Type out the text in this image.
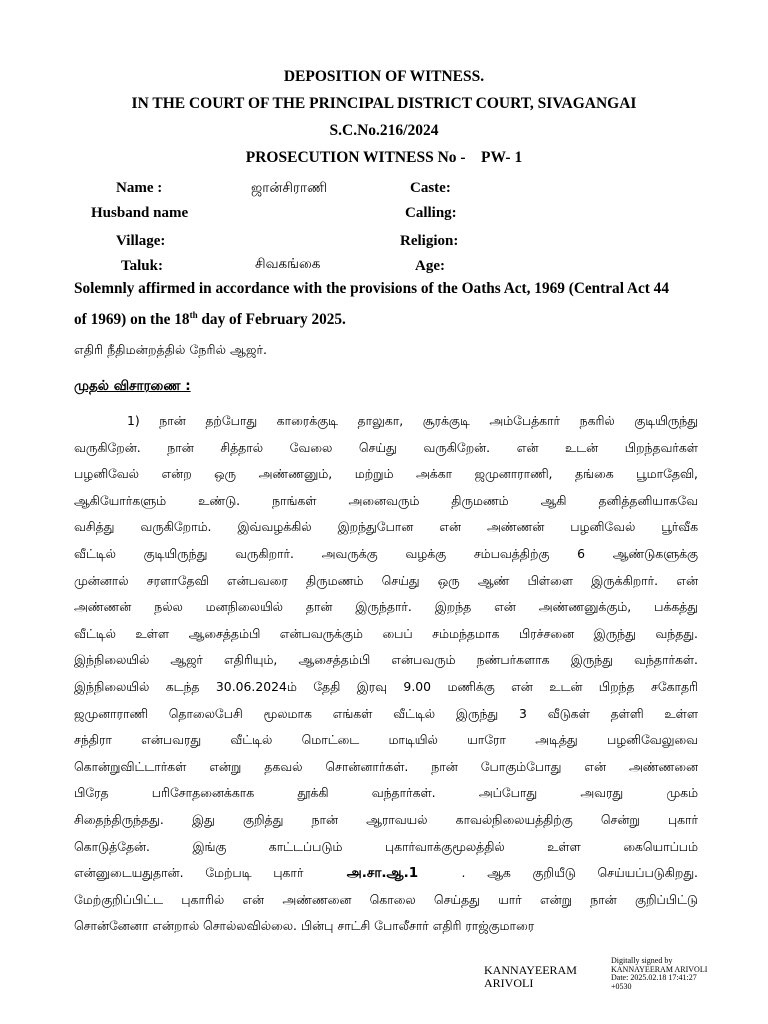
DEPOSITION OF WITNESS.
IN THE COURT OF THE PRINCIPAL DISTRICT COURT, SIVAGANGAI
S.C.No.216/2024
PROSECUTION WITNESS No -    PW- 1
Name :	ஜான்சிராணி	Caste:
Husband name	Calling:
Village:	Religion:
Taluk:	சிவகங்கை	Age:
Solemnly affirmed in accordance with the provisions of the Oaths Act, 1969 (Central Act 44
of 1969) on the 18th day of February 2025.
எதிரி நீதிமன்றத்தில் நேரில் ஆஜர்.
முதல் விசாரணை :
1) நான் தற்போது காரைக்குடி தாலுகா, சூரக்குடி அம்பேத்கார் நகரில் குடியிருந்து
வருகிறேன். நான் சித்தால் வேலை செய்து வருகிறேன். என் உடன் பிறந்தவர்கள்
பழனிவேல் என்ற ஒரு அண்ணனும், மற்றும் அக்கா ஜமுனாராணி, தங்கை பூமாதேவி,
ஆகியோர்களும் உண்டு. நாங்கள் அனைவரும் திருமணம் ஆகி தனித்தனியாகவே
வசித்து வருகிறோம். இவ்வழக்கில் இறந்துபோன என் அண்ணன் பழனிவேல் பூர்வீக
வீட்டில் குடியிருந்து வருகிறார். அவருக்கு வழக்கு சம்பவத்திற்கு 6 ஆண்டுகளுக்கு
முன்னால் சரளாதேவி என்பவரை திருமணம் செய்து ஒரு ஆண் பிள்ளை இருக்கிறார். என்
அண்ணன் நல்ல மனநிலையில் தான் இருந்தார். இறந்த என் அண்ணனுக்கும், பக்கத்து
வீட்டில் உள்ள ஆசைத்தம்பி என்பவருக்கும் பைப் சம்மந்தமாக பிரச்சனை இருந்து வந்தது.
இந்நிலையில் ஆஜர் எதிரியும், ஆசைத்தம்பி என்பவரும் நண்பர்களாக இருந்து வந்தார்கள்.
இந்நிலையில் கடந்த 30.06.2024ம் தேதி இரவு 9.00 மணிக்கு என் உடன் பிறந்த சகோதரி
ஜமுனாராணி தொலைபேசி மூலமாக எங்கள் வீட்டில் இருந்து 3 வீடுகள் தள்ளி உள்ள
சந்திரா என்பவரது வீட்டில் மொட்டை மாடியில் யாரோ அடித்து பழனிவேலுவை
கொன்றுவிட்டார்கள் என்று தகவல் சொன்னார்கள். நான் போகும்போது என் அண்ணனை
பிரேத பரிசோதனைக்காக தூக்கி வந்தார்கள். அப்போது அவரது முகம்
சிதைந்திருந்தது. இது குறித்து நான் ஆராவயல் காவல்நிலையத்திற்கு சென்று புகார்
கொடுத்தேன். இங்கு காட்டப்படும் புகார்வாக்குமூலத்தில் உள்ள கையொப்பம்
என்னுடையதுதான். மேற்படி புகார்	அ.சா.ஆ.1	. ஆக குறியீடு செய்யப்படுகிறது.
மேற்குறிப்பிட்ட புகாரில் என் அண்ணனை கொலை செய்தது யார் என்று நான் குறிப்பிட்டு
சொன்னேனா என்றால் சொல்லவில்லை. பின்பு சாட்சி போலீசார் எதிரி ராஜ்குமாரை
KANNAYEERAM
ARIVOLI
Digitally signed by
KANNAYEERAM ARIVOLI
Date: 2025.02.18 17:41:27
+0530
